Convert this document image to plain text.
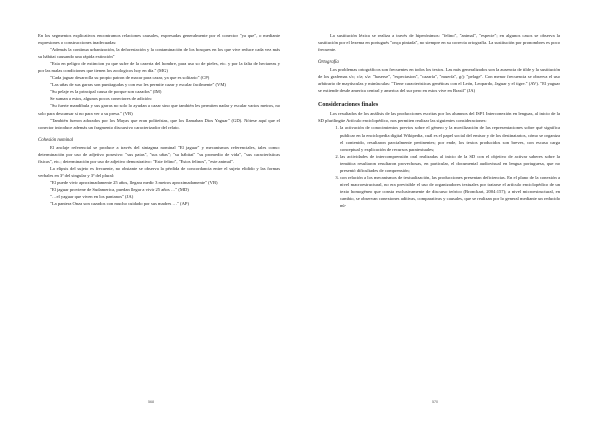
En los segmentos explicativos encontramos relaciones causales, expresadas generalmente por el conector "ya que", o mediante expresiones o construcciones inadecuadas:

"Además la continua urbanización, la deforestación y la contaminación de los bosques en los que vive reduce cada vez más su hábitat causando una rápida extinción"

"Esta en peligro de extincion ya que sufre de la cazeria del hombre, para uso so de pieles, etc. y por la falta de hectareas y por las malas condiciones que tienen los zoologicos hoy en día." (MG)

"Cada jaguar desarrolla su propio patron de macar para cazar, ya que es solitario" (CP)

"Las uñas de sus garras son puntiagudas y con eso les permite cazar y escalar facilmente" (VM)

"Su pelaje es la principal causa de porque son cazados" (IM)

Se suman a estos, algunos pocos conectores de adición:

"Su fuerte mandibula y sus garras no solo lo ayudan a cazar sino que también les permiten nadar y escalar varios metros, no solo para descansar si no para ver a su presa." (VB)

"También fueron adorados por los Mayas que eran politeístas, que los llamaban Dios Yaguar" (GD). Nótese aquí que el conector introduce además un fragmento discursivo caracterizador del relato.

Cohesión nominal

El anclaje referencial se produce a través del sintagma nominal "El jaguar" y mecanismos referenciales, tales como: determinación por uso de adjetivo posesivo: "sus patas", "sus uñas"; "su hábitat" "su promedio de vida", "sus características físicas", etc.; determinación por uso de adjetivo demostrativo: "Este felino", "Estos felinos", "este animal".

La elipsis del sujeto es frecuente, no obstante se observa la pérdida de concordancia entre el sujeto elidido y las formas verbales en 3ª del singular y 3ª del plural:

"El puede vivir aproximadamente 25 años, llegara medir 3 metros aproximadamente" (VB)

"El jaguar proviene de Sudamerica, puedan llegar a vivir 25 años …" (MD)

"…el yaguar que viven en los pantanos" (JA)

"La pantera Onza son cazados con mucho cuidado por sus madres …" (AP)

568

La sustitución léxica se realiza a través de hiperónimos: "felino", "animal", "especie"; en algunos casos se observa la sustitución por el lexema en portugués "onça pintada", no siempre en su correcta ortografía. La sustitución por pronombres es poco frecuente.

Ortografía

Los problemas ortográficos son frecuentes en todos los textos. Las más generalizados son la ausencia de tilde y la sustitución de los grafemas s/c; c/z; s/z: "haserse", "especiasion", "cazaría", "muerfa", g/j: "pelage". Con menor frecuencia se observa el uso arbitrario de mayúsculas y minúsculas: "Tiene caracteristicas genéticas con el León, Leopardo, Jaguar y el tigre." (AV). "El yaguar se extiende desde america central y america del sur pero en estos vive en Brasil" (JA)

Consideraciones finales

Los resultados de los análisis de las producciones escritas por los alumnos del ISP1 Interconexión en lenguas, al inicio de la SD plurilingüe Artículo enciclopédico, nos permiten realizar las siguientes consideraciones:

1. la activación de conocimientos previos sobre el género y la movilización de las representaciones sobre qué significa publicar en la enciclopedia digital Wikipedia, cuál es el papel social del emisor y de los destinatarios, cómo se organiza el contenido, resultaron parcialmente pertinentes; por ende, los textos producidos son breves, con escasa carga conceptual y explicación de recursos paratextuales;
2. las actividades de intercomprensión oral realizadas al inicio de la SD con el objetivo de activar saberes sobre la temática resultaron resultaron provechosas, en particular, el documental audiovisual en lengua portuguesa, que no presentó dificultades de comprensión;
3. con relación a los mecanismos de textualización, las producciones presentan deficiencias. En el plano de la conexión a nivel macroestructural, no era previsible el uso de organizadores textuales por tratarse el artículo enciclopédico de un texto homogéneo que consta exclusivamente de discurso teórico (Bronckart, 2004:157); a nivel microestructural, en cambio, se observan conexiones aditivas, comparativas y causales, que se realizan por lo general mediante un reducido nú-
570
